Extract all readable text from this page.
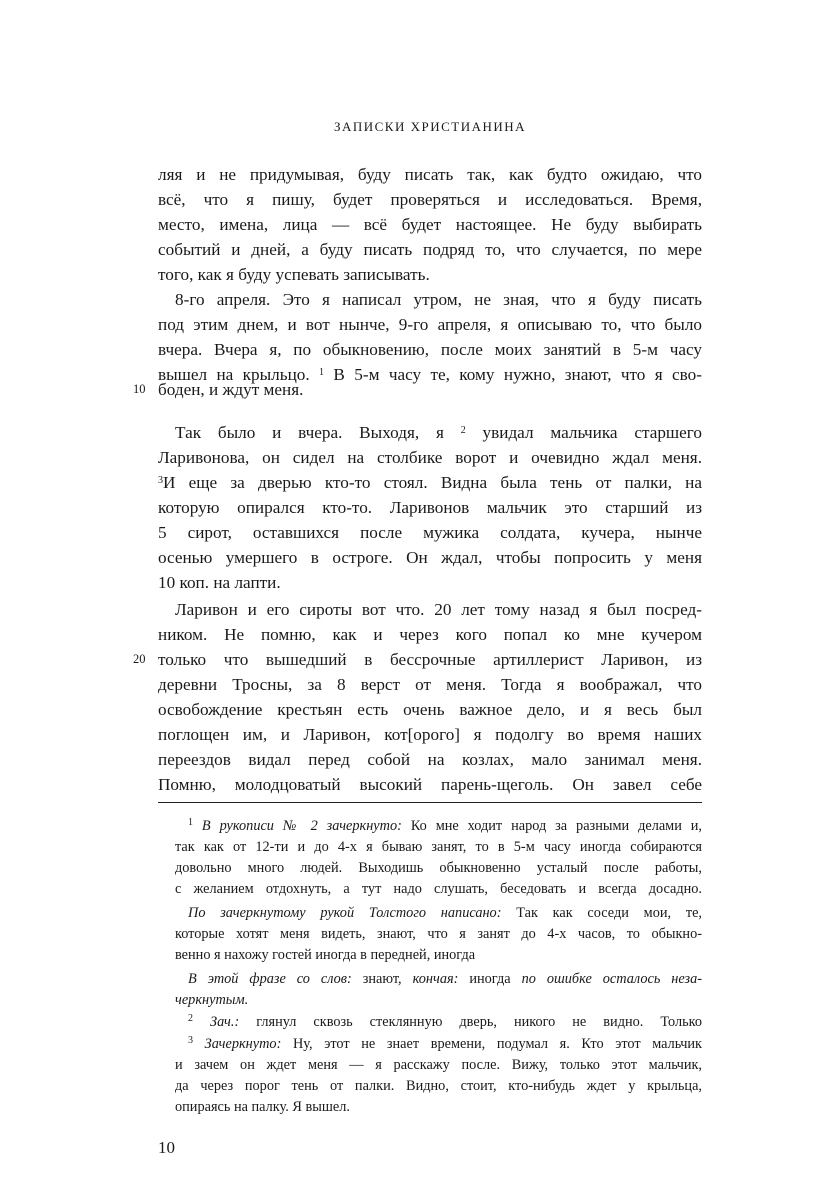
ЗАПИСКИ ХРИСТИАНИНА
ляя и не придумывая, буду писать так, как будто ожидаю, что
всё, что я пишу, будет проверяться и исследоваться. Время,
место, имена, лица — всё будет настоящее. Не буду выбирать
событий и дней, а буду писать подряд то, что случается, по мере
того, как я буду успевать записывать.
8-го апреля. Это я написал утром, не зная, что я буду писать
под этим днем, и вот нынче, 9-го апреля, я описываю то, что было
вчера. Вчера я, по обыкновению, после моих занятий в 5-м часу
вышел на крыльцо. $^1$ В 5-м часу те, кому нужно, знают, что я сво-
10 боден, и ждут меня.
Так было и вчера. Выходя, я $^2$ увидал мальчика старшего
Ларивонова, он сидел на столбике ворот и очевидно ждал меня.
$^3$И еще за дверью кто-то стоял. Видна была тень от палки, на
которую опирался кто-то. Ларивонов мальчик это старший из
5 сирот, оставшихся после мужика солдата, кучера, нынче
осенью умершего в остроге. Он ждал, чтобы попросить у меня
10 коп. на лапти.
Ларивон и его сироты вот что. 20 лет тому назад я был посред-
ником. Не помню, как и через кого попал ко мне кучером
20 только что вышедший в бессрочные артиллерист Ларивон, из
деревни Тросны, за 8 верст от меня. Тогда я воображал, что
освобождение крестьян есть очень важное дело, и я весь был
поглощен им, и Ларивон, кот[орого] я подолгу во время наших
переездов видал перед собой на козлах, мало занимал меня.
Помню, молодцоватый высокий парень-щеголь. Он завел себе
$^1$ В рукописи № 2 зачеркнуто: Ко мне ходит народ за разными делами и,
так как от 12-ти и до 4-х я бываю занят, то в 5-м часу иногда собираются
довольно много людей. Выходишь обыкновенно усталый после работы,
с желанием отдохнуть, а тут надо слушать, беседовать и всегда досадно.
По зачеркнутому рукой Толстого написано: Так как соседи мои, те,
которые хотят меня видеть, знают, что я занят до 4-х часов, то обыкно-
венно я нахожу гостей иногда в передней, иногда
В этой фразе со слов: знают, кончая: иногда по ошибке осталось неза-
черкнутым.
$^2$ Зач.: глянул сквозь стеклянную дверь, никого не видно. Только
$^3$ Зачеркнуто: Ну, этот не знает времени, подумал я. Кто этот мальчик
и зачем он ждет меня — я расскажу после. Вижу, только этот мальчик,
да через порог тень от палки. Видно, стоит, кто-нибудь ждет у крыльца,
опираясь на палку. Я вышел.
10
